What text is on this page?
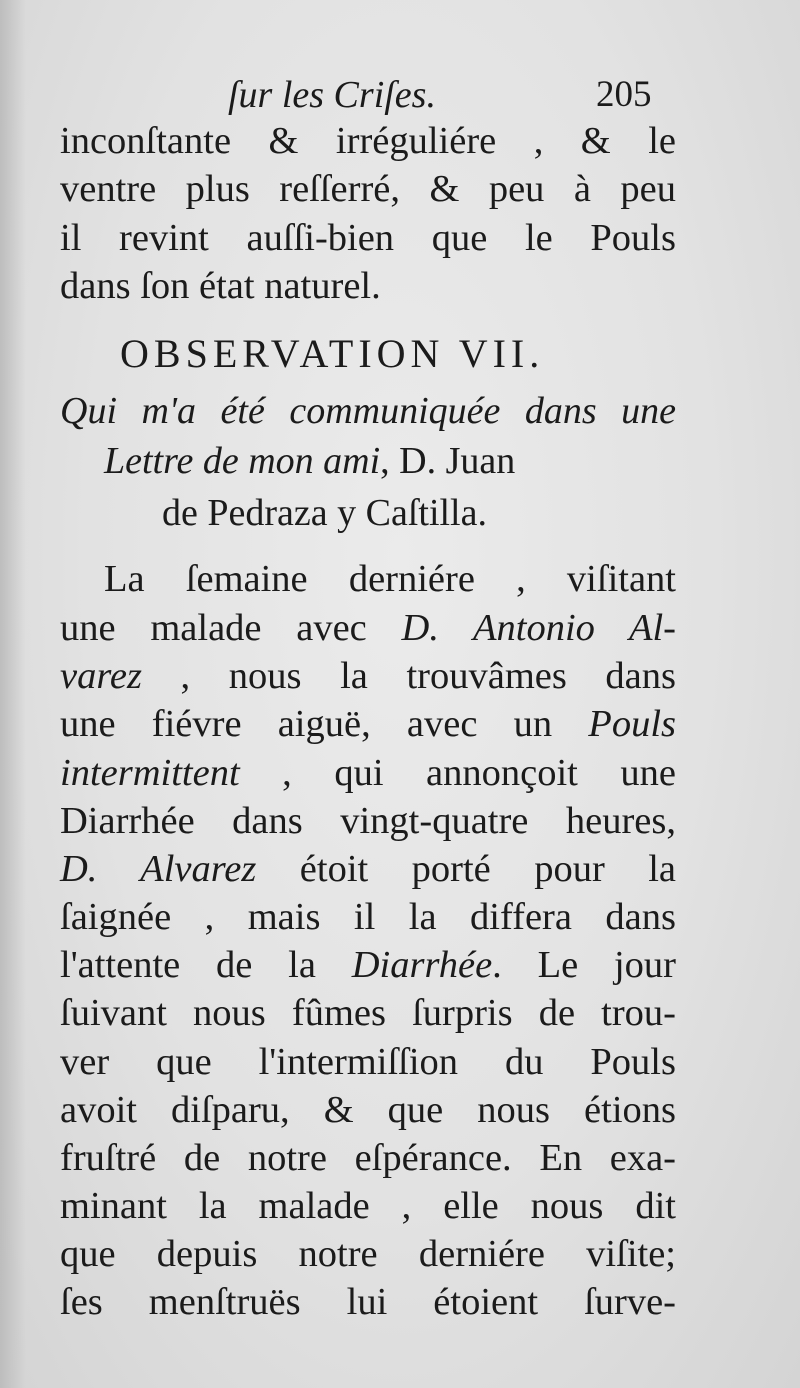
ſur les Criſes.	205
inconſtante & irréguliére , & le
ventre plus reſſerré, & peu à peu
il revint auſſi-bien que le Pouls
dans ſon état naturel.
OBSERVATION VII.
Qui m'a été communiquée dans une
Lettre de mon ami, D. Juan
de Pedraza y Caſtilla.
La ſemaine derniére , viſitant
une malade avec D. Antonio Al-
varez , nous la trouvâmes dans
une fiévre aiguë, avec un Pouls
intermittent , qui annonçoit une
Diarrhée dans vingt-quatre heures,
D. Alvarez étoit porté pour la
ſaignée , mais il la differa dans
l'attente de la Diarrhée. Le jour
ſuivant nous fûmes ſurpris de trou-
ver que l'intermiſſion du Pouls
avoit diſparu, & que nous étions
fruſtré de notre eſpérance. En exa-
minant la malade , elle nous dit
que depuis notre derniére viſite;
ſes menſtruës lui étoient ſurve-
